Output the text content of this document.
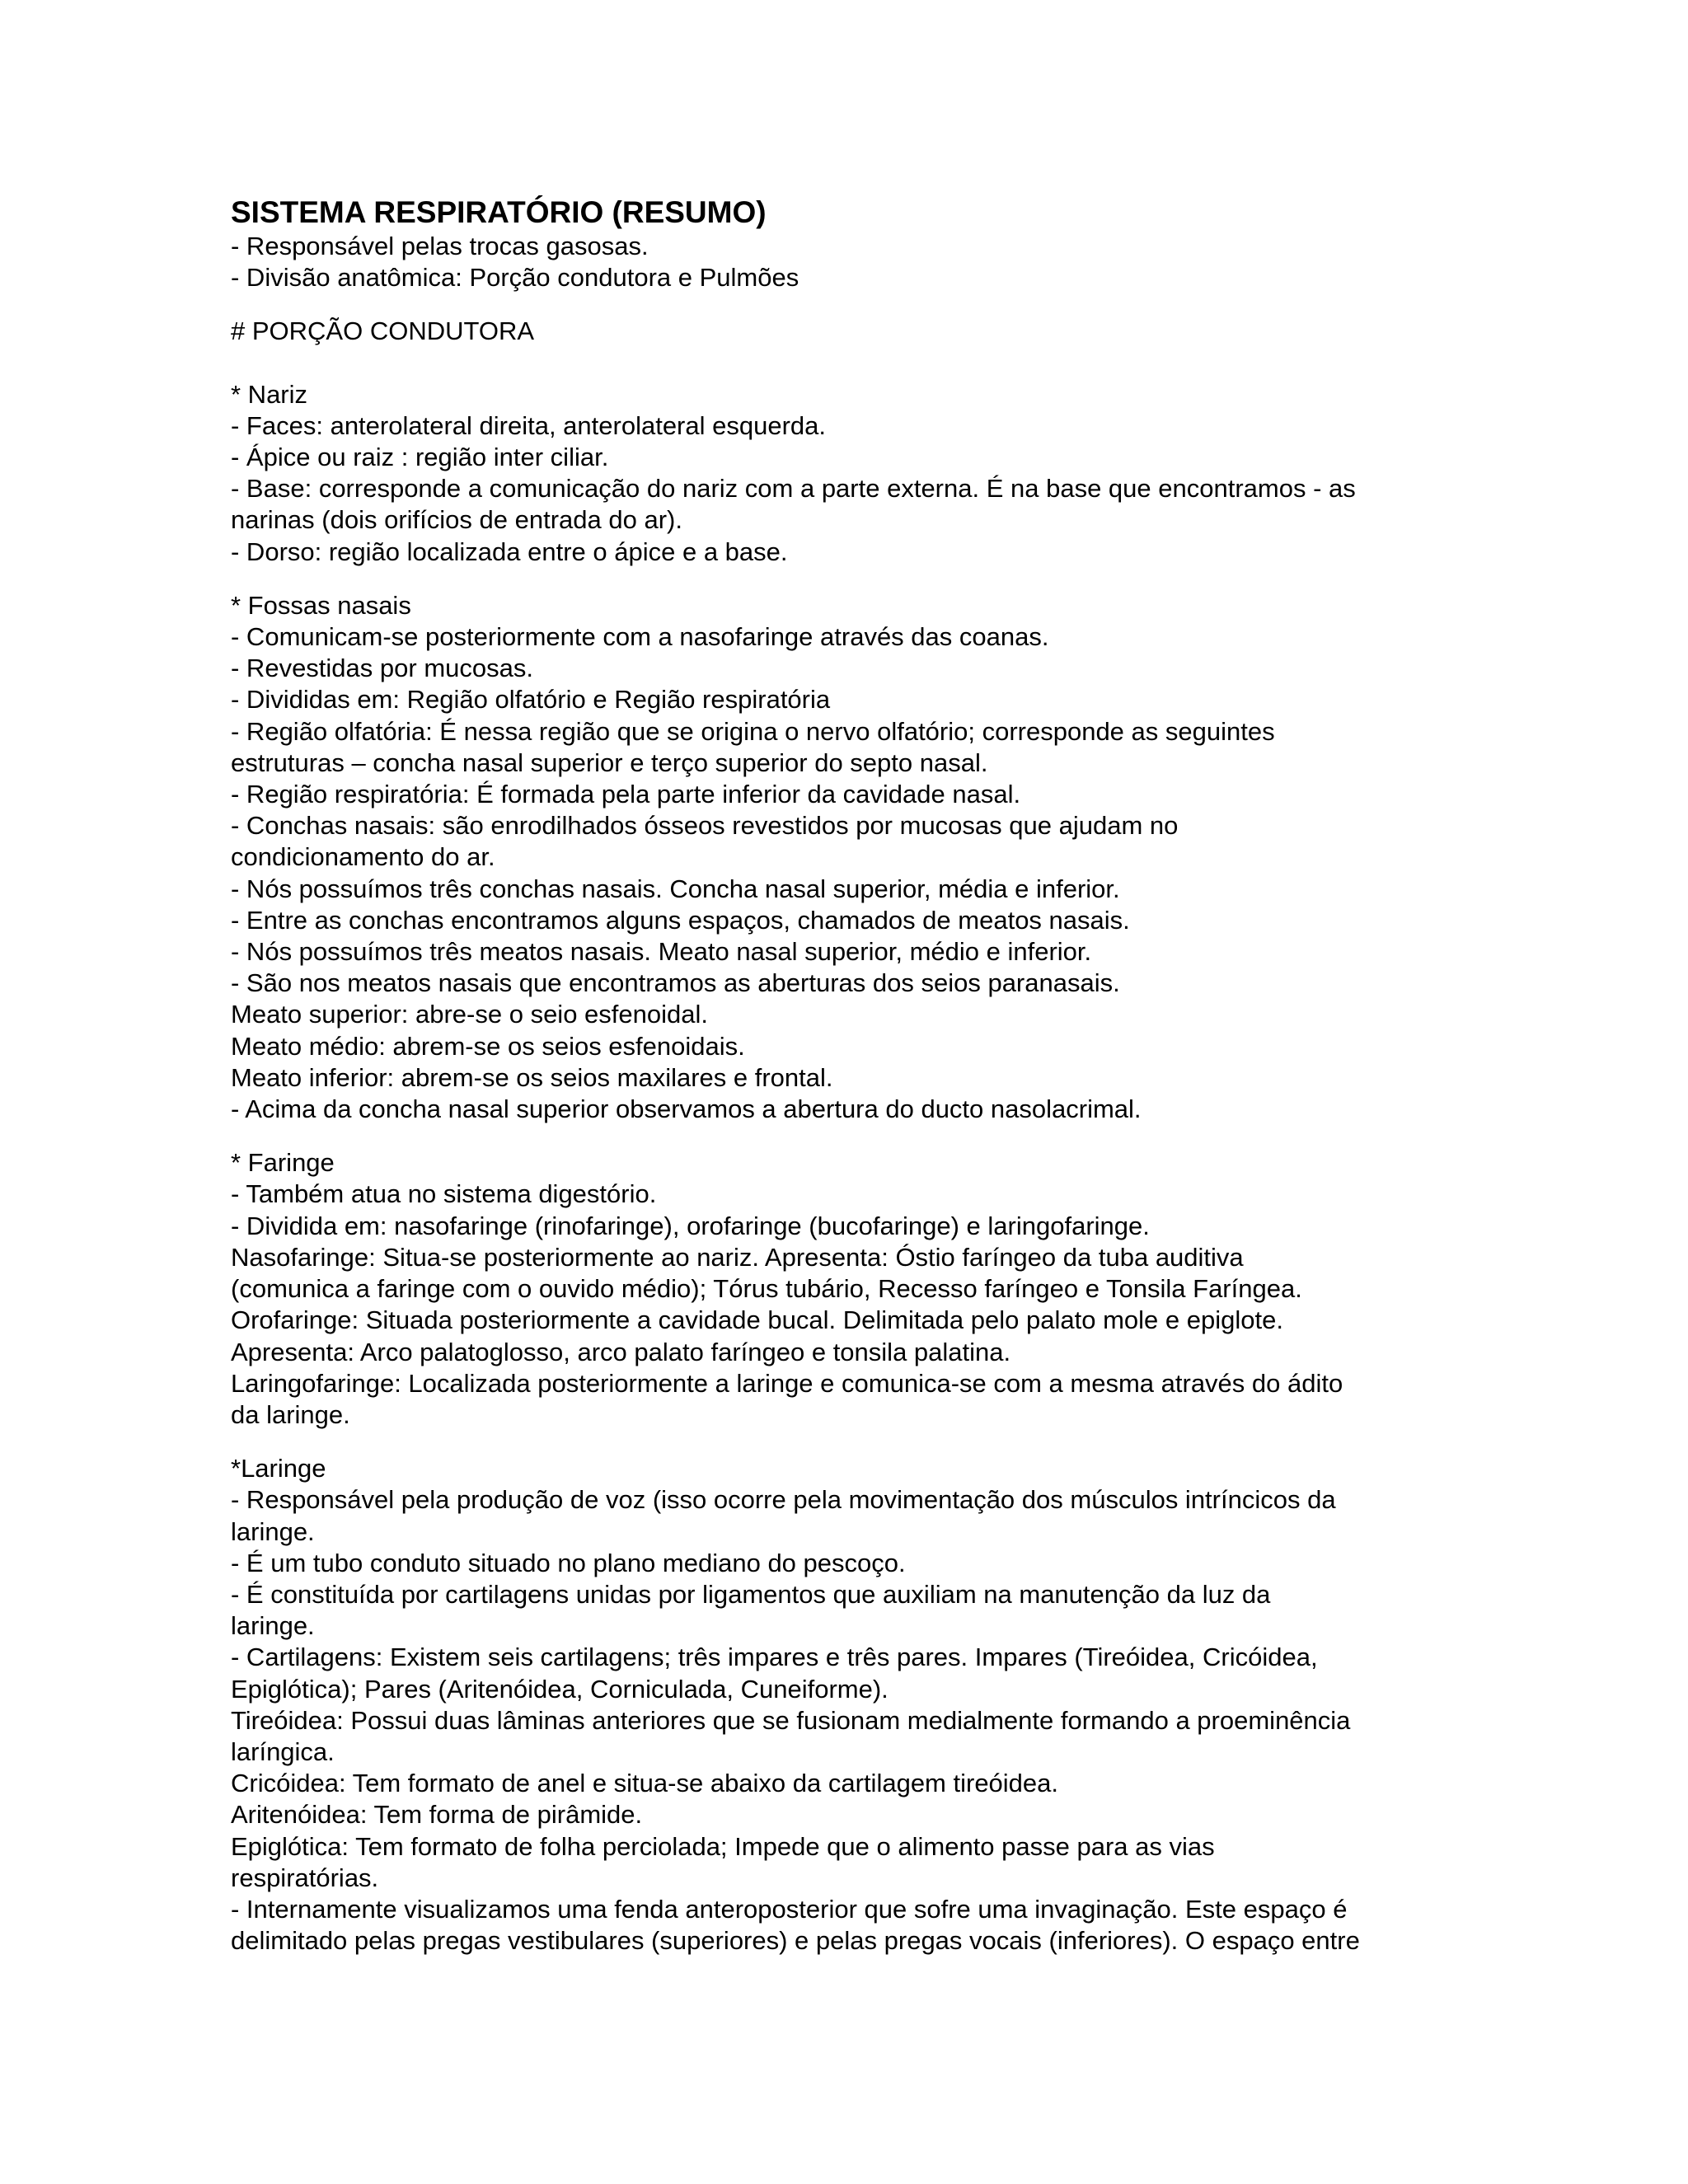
SISTEMA RESPIRATÓRIO (RESUMO)

- Responsável pelas trocas gasosas.

- Divisão anatômica: Porção condutora e Pulmões

# PORÇÃO CONDUTORA

* Nariz

- Faces: anterolateral direita, anterolateral esquerda.

- Ápice ou raiz : região inter ciliar.

- Base: corresponde a comunicação do nariz com a parte externa. É na base que encontramos - as

narinas (dois orifícios de entrada do ar).

- Dorso: região localizada entre o ápice e a base.

* Fossas nasais

- Comunicam-se posteriormente com a nasofaringe através das coanas.

- Revestidas por mucosas.

- Divididas em: Região olfatório e Região respiratória

- Região olfatória: É nessa região que se origina o nervo olfatório; corresponde as seguintes

estruturas – concha nasal superior e terço superior do septo nasal.

- Região respiratória: É formada pela parte inferior da cavidade nasal.

- Conchas nasais: são enrodilhados ósseos revestidos por mucosas que ajudam no

condicionamento do ar.

- Nós possuímos três conchas nasais. Concha nasal superior, média e inferior.

- Entre as conchas encontramos alguns espaços, chamados de meatos nasais.

- Nós possuímos três meatos nasais. Meato nasal superior, médio e inferior.

- São nos meatos nasais que encontramos as aberturas dos seios paranasais.

Meato superior: abre-se o seio esfenoidal.

Meato médio: abrem-se os seios esfenoidais.

Meato inferior: abrem-se os seios maxilares e frontal.

- Acima da concha nasal superior observamos a abertura do ducto nasolacrimal.

* Faringe

- Também atua no sistema digestório.

- Dividida em: nasofaringe (rinofaringe), orofaringe (bucofaringe) e laringofaringe.

Nasofaringe: Situa-se posteriormente ao nariz. Apresenta: Óstio faríngeo da tuba auditiva

(comunica a faringe com o ouvido médio); Tórus tubário, Recesso faríngeo e Tonsila Faríngea.

Orofaringe: Situada posteriormente a cavidade bucal. Delimitada pelo palato mole e epiglote.

Apresenta: Arco palatoglosso, arco palato faríngeo e tonsila palatina.

Laringofaringe: Localizada posteriormente a laringe e comunica-se com a mesma através do ádito

da laringe.

*Laringe

- Responsável pela produção de voz (isso ocorre pela movimentação dos músculos intríncicos da

laringe.

- É um tubo conduto situado no plano mediano do pescoço.

- É constituída por cartilagens unidas por ligamentos que auxiliam na manutenção da luz da

laringe.

- Cartilagens: Existem seis cartilagens; três impares e três pares. Impares (Tireóidea, Cricóidea,

Epiglótica); Pares (Aritenóidea, Corniculada, Cuneiforme).

Tireóidea: Possui duas lâminas anteriores que se fusionam medialmente formando a proeminência

laríngica.

Cricóidea: Tem formato de anel e situa-se abaixo da cartilagem tireóidea.

Aritenóidea: Tem forma de pirâmide.

Epiglótica: Tem formato de folha perciolada; Impede que o alimento passe para as vias

respiratórias.

- Internamente visualizamos uma fenda anteroposterior que sofre uma invaginação. Este espaço é

delimitado pelas pregas vestibulares (superiores) e pelas pregas vocais (inferiores). O espaço entre
